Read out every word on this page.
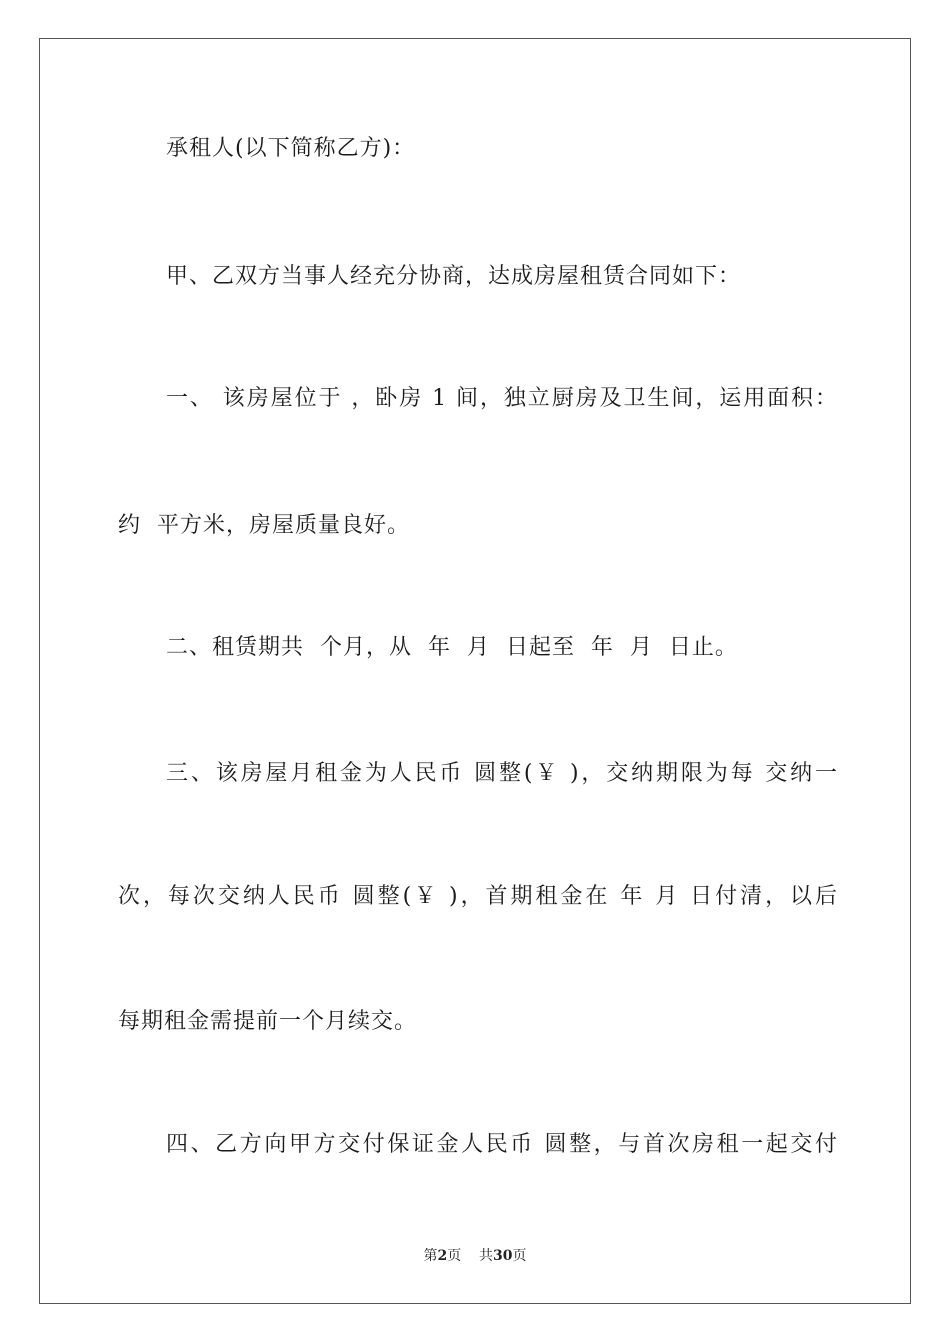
承租人(以下简称乙方)：
甲、乙双方当事人经充分协商，达成房屋租赁合同如下：
一、 该房屋位于 ，卧房 1 间，独立厨房及卫生间，运用面积：
约  平方米，房屋质量良好。
二、租赁期共  个月，从  年  月  日起至  年  月  日止。
三、该房屋月租金为人民币 圆整(￥ )，交纳期限为每 交纳一
次，每次交纳人民币 圆整(￥ )，首期租金在 年 月 日付清，以后
每期租金需提前一个月续交。
四、乙方向甲方交付保证金人民币 圆整，与首次房租一起交付
第2页 共30页
